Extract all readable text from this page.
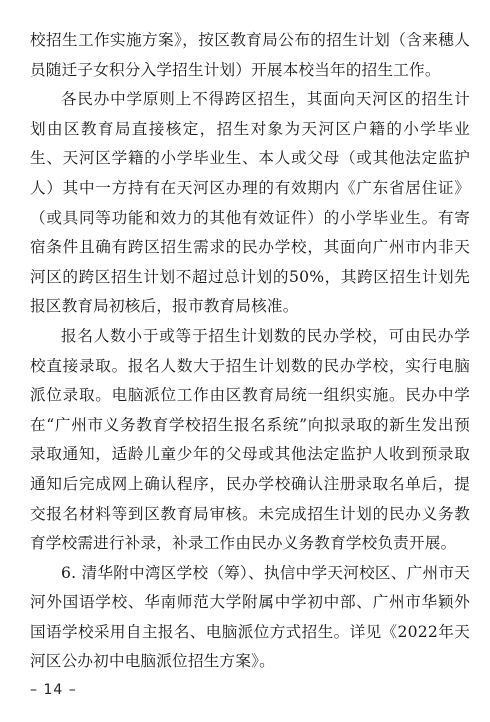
校招生工作实施方案》，按区教育局公布的招生计划（含来穗人员随迁子女积分入学招生计划）开展本校当年的招生工作。

各民办中学原则上不得跨区招生，其面向天河区的招生计划由区教育局直接核定，招生对象为天河区户籍的小学毕业生、天河区学籍的小学毕业生、本人或父母（或其他法定监护人）其中一方持有在天河区办理的有效期内《广东省居住证》（或具同等功能和效力的其他有效证件）的小学毕业生。有寄宿条件且确有跨区招生需求的民办学校，其面向广州市内非天河区的跨区招生计划不超过总计划的50%，其跨区招生计划先报区教育局初核后，报市教育局核准。

报名人数小于或等于招生计划数的民办学校，可由民办学校直接录取。报名人数大于招生计划数的民办学校，实行电脑派位录取。电脑派位工作由区教育局统一组织实施。民办中学在“广州市义务教育学校招生报名系统”向拟录取的新生发出预录取通知，适龄儿童少年的父母或其他法定监护人收到预录取通知后完成网上确认程序，民办学校确认注册录取名单后，提交报名材料等到区教育局审核。未完成招生计划的民办义务教育学校需进行补录，补录工作由民办义务教育学校负责开展。

6. 清华附中湾区学校（筹）、执信中学天河校区、广州市天河外国语学校、华南师范大学附属中学初中部、广州市华颖外国语学校采用自主报名、电脑派位方式招生。详见《2022年天河区公办初中电脑派位招生方案》。

– 14 –
